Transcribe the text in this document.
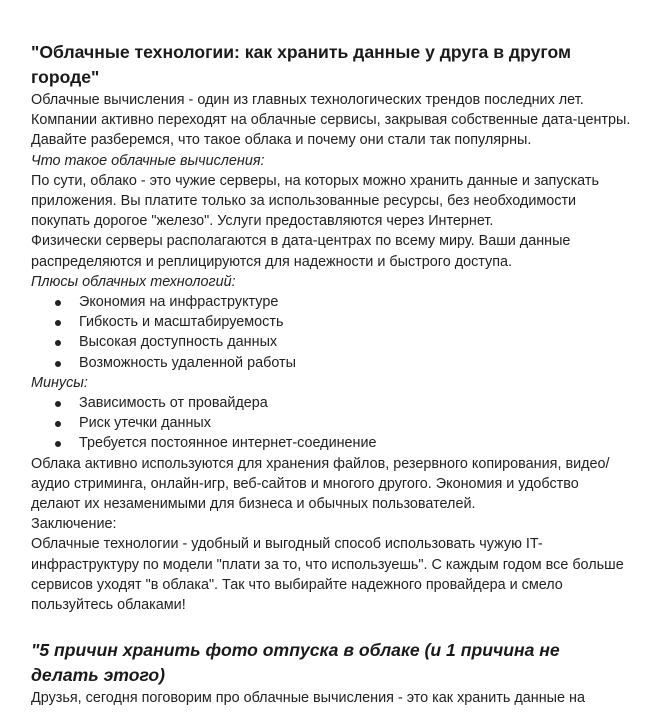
"Облачные технологии: как хранить данные у друга в другом городе"

Облачные вычисления - один из главных технологических трендов последних лет. Компании активно переходят на облачные сервисы, закрывая собственные дата-центры. Давайте разберемся, что такое облака и почему они стали так популярны.

Что такое облачные вычисления:

По сути, облако - это чужие серверы, на которых можно хранить данные и запускать приложения. Вы платите только за использованные ресурсы, без необходимости покупать дорогое "железо". Услуги предоставляются через Интернет.

Физически серверы располагаются в дата-центрах по всему миру. Ваши данные распределяются и реплицируются для надежности и быстрого доступа.

Плюсы облачных технологий:

Экономия на инфраструктуре
Гибкость и масштабируемость
Высокая доступность данных
Возможность удаленной работы

Минусы:

Зависимость от провайдера
Риск утечки данных
Требуется постоянное интернет-соединение

Облака активно используются для хранения файлов, резервного копирования, видео/аудио стриминга, онлайн-игр, веб-сайтов и многого другого. Экономия и удобство делают их незаменимыми для бизнеса и обычных пользователей.

Заключение:

Облачные технологии - удобный и выгодный способ использовать чужую IT-инфраструктуру по модели "плати за то, что используешь". С каждым годом все больше сервисов уходят "в облака". Так что выбирайте надежного провайдера и смело пользуйтесь облаками!

"5 причин хранить фото отпуска в облаке (и 1 причина не делать этого)

Друзья, сегодня поговорим про облачные вычисления - это как хранить данные на
